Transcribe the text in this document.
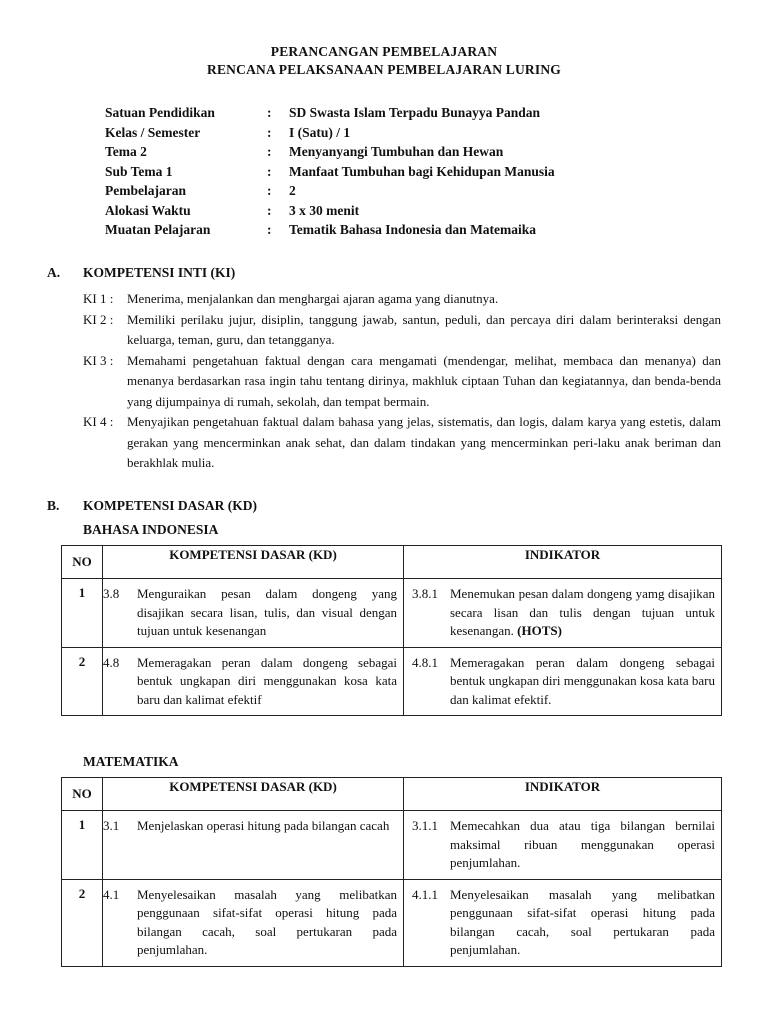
PERANCANGAN PEMBELAJARAN
RENCANA PELAKSANAAN PEMBELAJARAN LURING
Satuan Pendidikan	:	SD Swasta Islam Terpadu Bunayya Pandan
Kelas / Semester	:	I (Satu) / 1
Tema 2	:	Menyanyangi Tumbuhan dan Hewan
Sub Tema 1	:	Manfaat Tumbuhan bagi Kehidupan Manusia
Pembelajaran	:	2
Alokasi Waktu	:	3 x 30 menit
Muatan Pelajaran	:	Tematik Bahasa Indonesia dan Matemaika
A. KOMPETENSI INTI (KI)
KI 1 :	Menerima, menjalankan dan menghargai ajaran agama yang dianutnya.
KI 2 :	Memiliki perilaku jujur, disiplin, tanggung jawab, santun, peduli, dan percaya diri dalam berinteraksi dengan keluarga, teman, guru, dan tetangganya.
KI 3 :	Memahami pengetahuan faktual dengan cara mengamati (mendengar, melihat, membaca dan menanya) dan menanya berdasarkan rasa ingin tahu tentang dirinya, makhluk ciptaan Tuhan dan kegiatannya, dan benda-benda yang dijumpainya di rumah, sekolah, dan tempat bermain.
KI 4 :	Menyajikan pengetahuan faktual dalam bahasa yang jelas, sistematis, dan logis, dalam karya yang estetis, dalam gerakan yang mencerminkan anak sehat, dan dalam tindakan yang mencerminkan peri-laku anak beriman dan berakhlak mulia.
B. KOMPETENSI DASAR (KD)
BAHASA INDONESIA
NO	KOMPETENSI DASAR (KD)	INDIKATOR
1	3.8 Menguraikan pesan dalam dongeng yang disajikan secara lisan, tulis, dan visual dengan tujuan untuk kesenangan	3.8.1 Menemukan pesan dalam dongeng yamg disajikan secara lisan dan tulis dengan tujuan untuk kesenangan. (HOTS)

2	4.8 Memeragakan peran dalam dongeng sebagai bentuk ungkapan diri menggunakan kosa kata baru dan kalimat efektif	4.8.1 Memeragakan peran dalam dongeng sebagai bentuk ungkapan diri menggunakan kosa kata baru dan kalimat efektif.
MATEMATIKA
NO	KOMPETENSI DASAR (KD)	INDIKATOR
1	3.1 Menjelaskan operasi hitung pada bilangan cacah	3.1.1 Memecahkan dua atau tiga bilangan bernilai maksimal ribuan menggunakan operasi penjumlahan.

2	4.1 Menyelesaikan masalah yang melibatkan penggunaan sifat-sifat operasi hitung pada bilangan cacah, soal pertukaran pada penjumlahan.	4.1.1 Menyelesaikan masalah yang melibatkan penggunaan sifat-sifat operasi hitung pada bilangan cacah, soal pertukaran pada penjumlahan.
